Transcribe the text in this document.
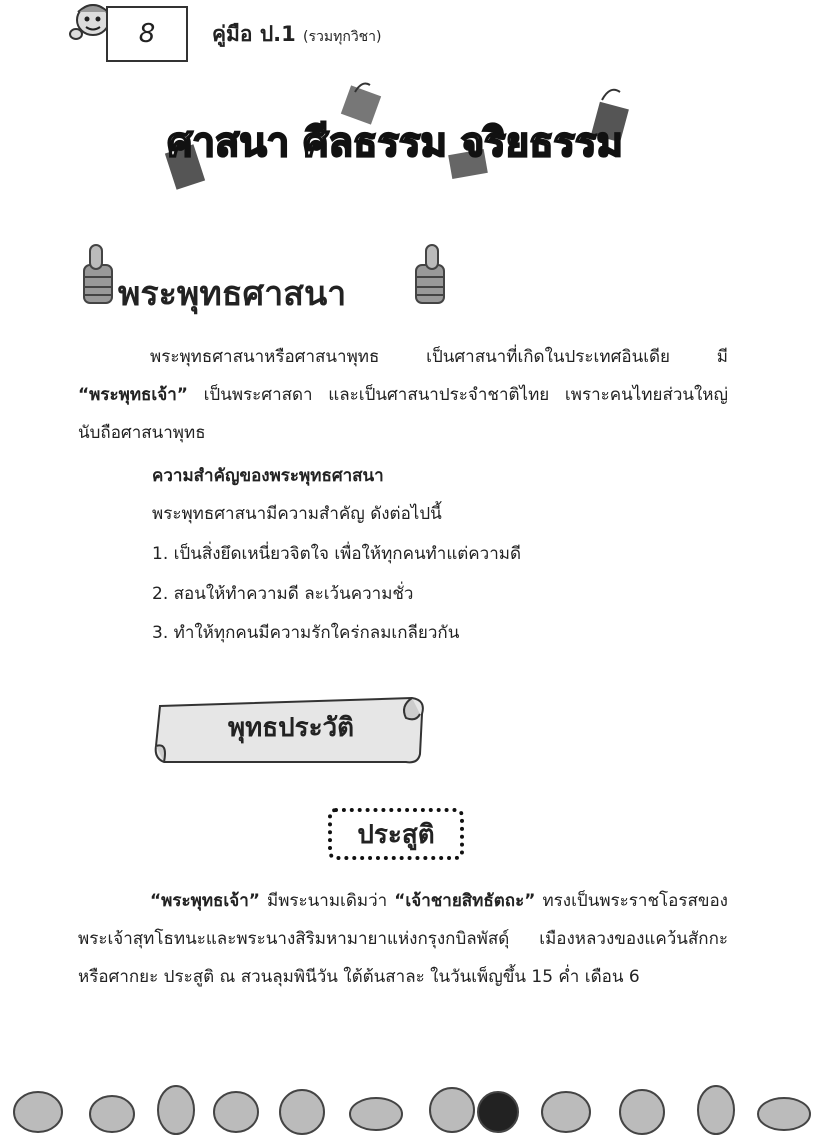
8	คู่มือ ป.1 (รวมทุกวิชา)
ศาสนา ศีลธรรม จริยธรรม
พระพุทธศาสนา
พระพุทธศาสนาหรือศาสนาพุทธ เป็นศาสนาที่เกิดในประเทศอินเดีย มี “พระพุทธเจ้า” เป็นพระศาสดา และเป็นศาสนาประจำชาติไทย เพราะคนไทยส่วนใหญ่นับถือศาสนาพุทธ
ความสำคัญของพระพุทธศาสนา
พระพุทธศาสนามีความสำคัญ ดังต่อไปนี้
1. เป็นสิ่งยึดเหนี่ยวจิตใจ เพื่อให้ทุกคนทำแต่ความดี
2. สอนให้ทำความดี ละเว้นความชั่ว
3. ทำให้ทุกคนมีความรักใคร่กลมเกลียวกัน
พุทธประวัติ
ประสูติ
“พระพุทธเจ้า” มีพระนามเดิมว่า “เจ้าชายสิทธัตถะ” ทรงเป็นพระราชโอรสของพระเจ้าสุทโธทนะและพระนางสิริมหามายาแห่งกรุงกบิลพัสดุ์ เมืองหลวงของแคว้นสักกะหรือศากยะ ประสูติ ณ สวนลุมพินีวัน ใต้ต้นสาละ ในวันเพ็ญขึ้น 15 ค่ำ เดือน 6
